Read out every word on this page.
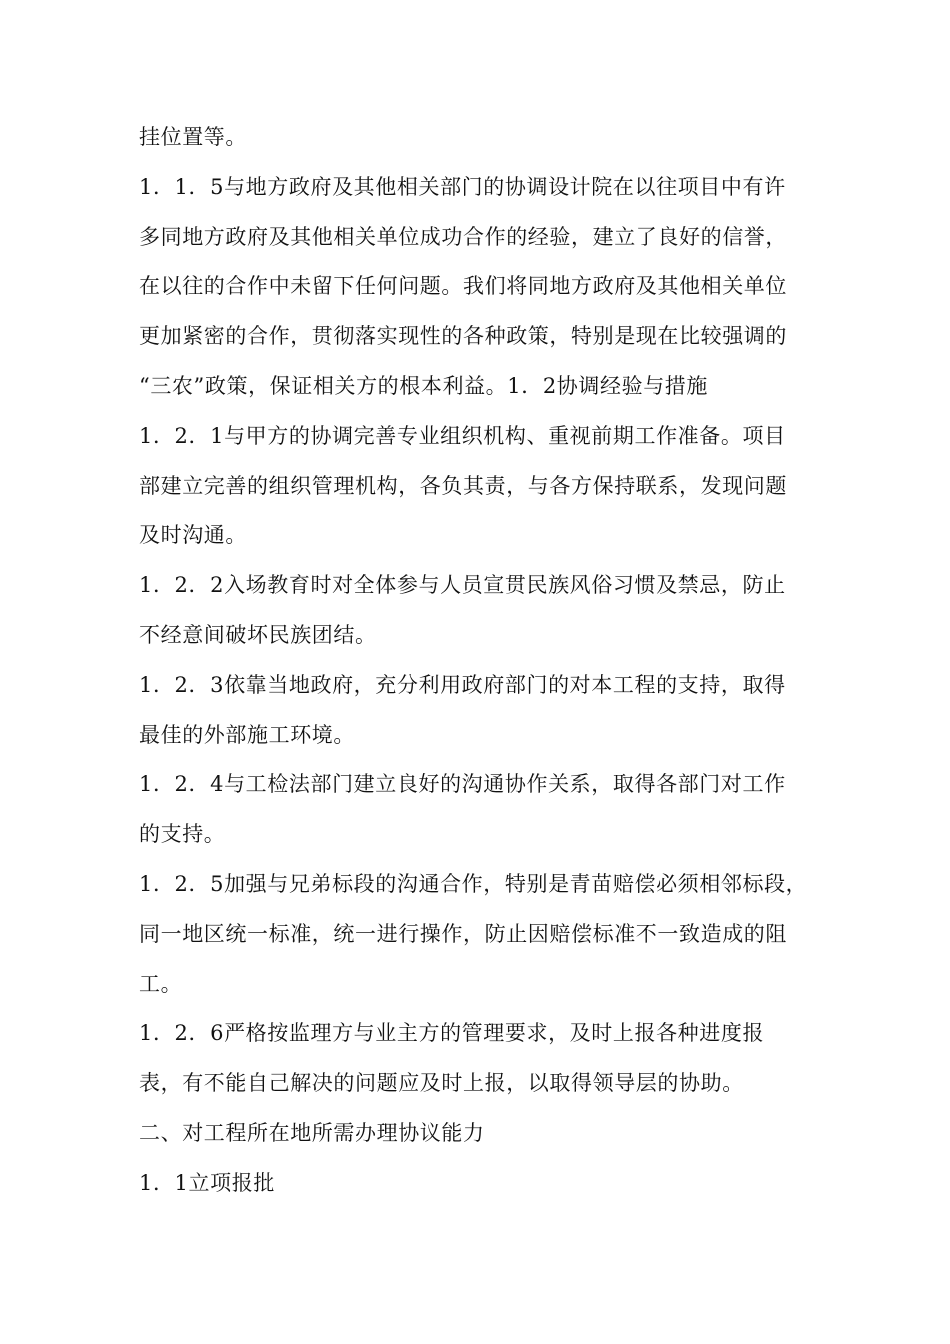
挂位置等。
1．1．5与地方政府及其他相关部门的协调设计院在以往项目中有许
多同地方政府及其他相关单位成功合作的经验，建立了良好的信誉，
在以往的合作中未留下任何问题。我们将同地方政府及其他相关单位
更加紧密的合作，贯彻落实现性的各种政策，特别是现在比较强调的
“三农”政策，保证相关方的根本利益。1．2协调经验与措施
1．2．1与甲方的协调完善专业组织机构、重视前期工作准备。项目
部建立完善的组织管理机构，各负其责，与各方保持联系，发现问题
及时沟通。
1．2．2入场教育时对全体参与人员宣贯民族风俗习惯及禁忌，防止
不经意间破坏民族团结。
1．2．3依靠当地政府，充分利用政府部门的对本工程的支持，取得
最佳的外部施工环境。
1．2．4与工检法部门建立良好的沟通协作关系，取得各部门对工作
的支持。
1．2．5加强与兄弟标段的沟通合作，特别是青苗赔偿必须相邻标段，
同一地区统一标准，统一进行操作，防止因赔偿标准不一致造成的阻
工。
1．2．6严格按监理方与业主方的管理要求，及时上报各种进度报
表，有不能自己解决的问题应及时上报，以取得领导层的协助。
二、对工程所在地所需办理协议能力
1．1立项报批
